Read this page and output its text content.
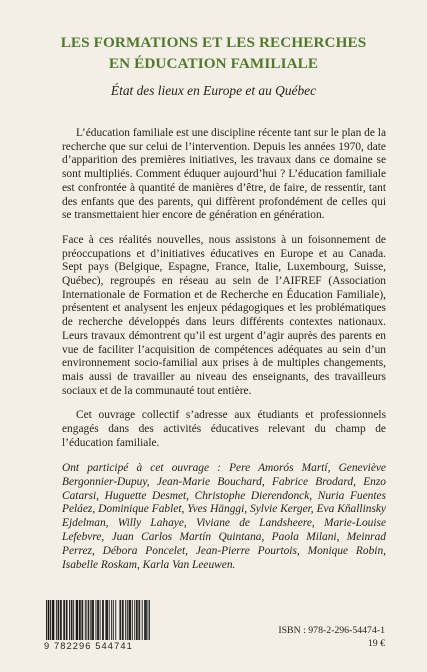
LES FORMATIONS ET LES RECHERCHES
EN ÉDUCATION FAMILIALE
État des lieux en Europe et au Québec

L’éducation familiale est une discipline récente tant sur le plan de la recherche que sur celui de l’intervention. Depuis les années 1970, date d’apparition des premières initiatives, les travaux dans ce domaine se sont multipliés. Comment éduquer aujourd’hui ? L’éducation familiale est confrontée à quantité de manières d’être, de faire, de ressentir, tant des enfants que des parents, qui diffèrent profondément de celles qui se transmettaient hier encore de génération en génération.

Face à ces réalités nouvelles, nous assistons à un foisonnement de préoccupations et d’initiatives éducatives en Europe et au Canada. Sept pays (Belgique, Espagne, France, Italie, Luxembourg, Suisse, Québec), regroupés en réseau au sein de l’AIFREF (Association Internationale de Formation et de Recherche en Éducation Familiale), présentent et analysent les enjeux pédagogiques et les problématiques de recherche développés dans leurs différents contextes nationaux. Leurs travaux démontrent qu’il est urgent d’agir auprès des parents en vue de faciliter l’acquisition de compétences adéquates au sein d’un environnement socio-familial aux prises à de multiples changements, mais aussi de travailler au niveau des enseignants, des travailleurs sociaux et de la communauté tout entière.

Cet ouvrage collectif s’adresse aux étudiants et professionnels engagés dans des activités éducatives relevant du champ de l’éducation familiale.

Ont participé à cet ouvrage : Pere Amorós Martí, Geneviève Bergonnier-Dupuy, Jean-Marie Bouchard, Fabrice Brodard, Enzo Catarsi, Huguette Desmet, Christophe Dierendonck, Nuria Fuentes Peláez, Dominique Fablet, Yves Hänggi, Sylvie Kerger, Eva Kňallinsky Ejdelman, Willy Lahaye, Viviane de Landsheere, Marie-Louise Lefebvre, Juan Carlos Martín Quintana, Paola Milani, Meinrad Perrez, Débora Poncelet, Jean-Pierre Pourtois, Monique Robin, Isabelle Roskam, Karla Van Leeuwen.
9 782296 544741
ISBN : 978-2-296-54474-1
19 €
